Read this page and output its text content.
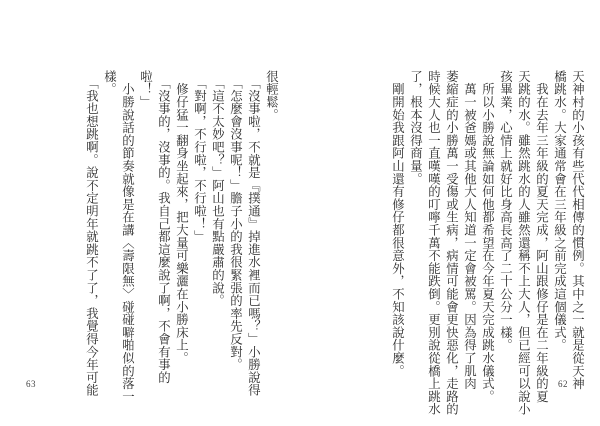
很輕鬆。
　「沒事啦，不就是『撲通』掉進水裡而已嗎？」小勝說得
　「怎麼會沒事呢！」膽子小的我很緊張的率先反對。
　「這不太妙吧？」阿山也有點嚴肅的說。
　「對啊，不行啦，不行啦！」
　修仔猛一翻身坐起來，把大量可樂灑在小勝床上。
　「沒事的，沒事的。我自己都這麼說了啊，不會有事的
啦！」
　小勝說話的節奏就像是在講〈壽限無〉碰碰噼啪似的落一
樣。
　「我也想跳啊。說不定明年就跳不了了，我覺得今年可能
63	天神村的小孩有些代代相傳的慣例。其中之一就是從天神
橋跳水。大家通常會在三年級之前完成這個儀式。
　我在去年三年級的夏天完成，阿山跟修仔是在二年級的夏
天跳的水。雖然跳水的人雖然還稱不上大人，但已經可以說小
孩畢業，心情上就好比身高長高了二十公分一樣。
　所以小勝說無論如何他都希望在今年夏天完成跳水儀式。
　萬一被爸媽或其他大人知道一定會被罵。因為得了肌肉
萎縮症的小勝萬一受傷或生病，病情可能會更快惡化，走路的
時候大人也一直嘆嘆的叮嚀千萬不能跌倒。更別說從橋上跳水
了，根本沒得商量。
　剛開始我跟阿山還有修仔都很意外，不知該說什麼。
62
